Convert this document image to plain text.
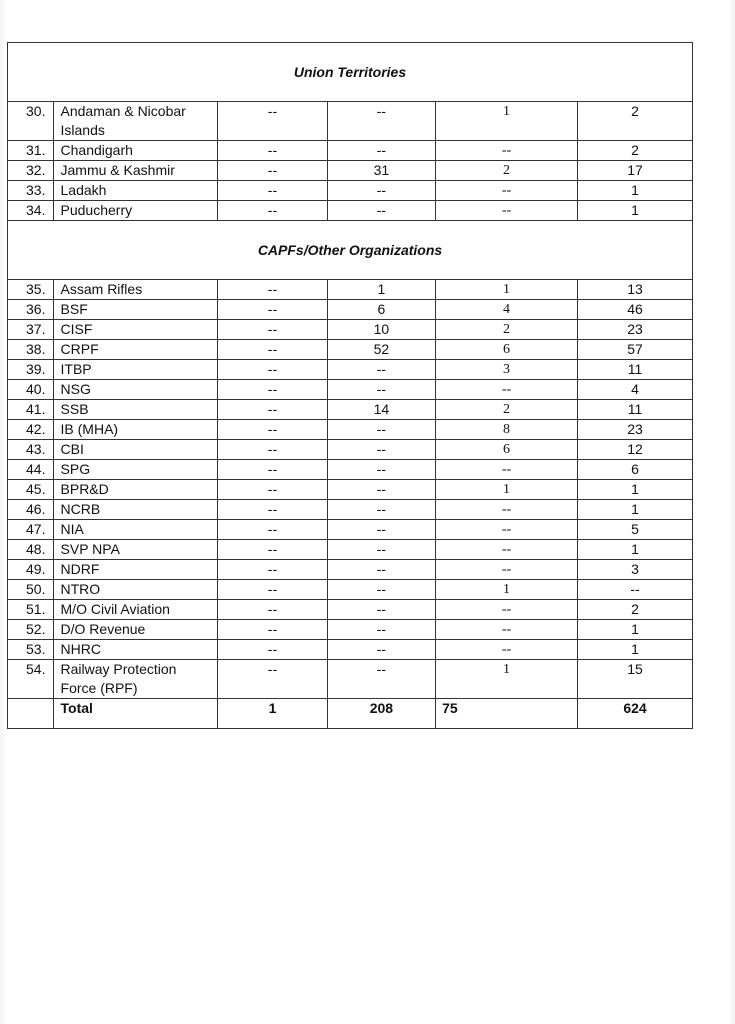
Union Territories					
30.	Andaman & Nicobar Islands	--	--	1	2
31.	Chandigarh	--	--	--	2
32.	Jammu & Kashmir	--	31	2	17
33.	Ladakh	--	--	--	1
34.	Puducherry	--	--	--	1
CAPFs/Other Organizations					
35.	Assam Rifles	--	1	1	13
36.	BSF	--	6	4	46
37.	CISF	--	10	2	23
38.	CRPF	--	52	6	57
39.	ITBP	--	--	3	11
40.	NSG	--	--	--	4
41.	SSB	--	14	2	11
42.	IB (MHA)	--	--	8	23
43.	CBI	--	--	6	12
44.	SPG	--	--	--	6
45.	BPR&D	--	--	1	1
46.	NCRB	--	--	--	1
47.	NIA	--	--	--	5
48.	SVP NPA	--	--	--	1
49.	NDRF	--	--	--	3
50.	NTRO	--	--	1	--
51.	M/O Civil Aviation	--	--	--	2
52.	D/O Revenue	--	--	--	1
53.	NHRC	--	--	--	1
54.	Railway Protection Force (RPF)	--	--	1	15
	Total	1	208	75	624
